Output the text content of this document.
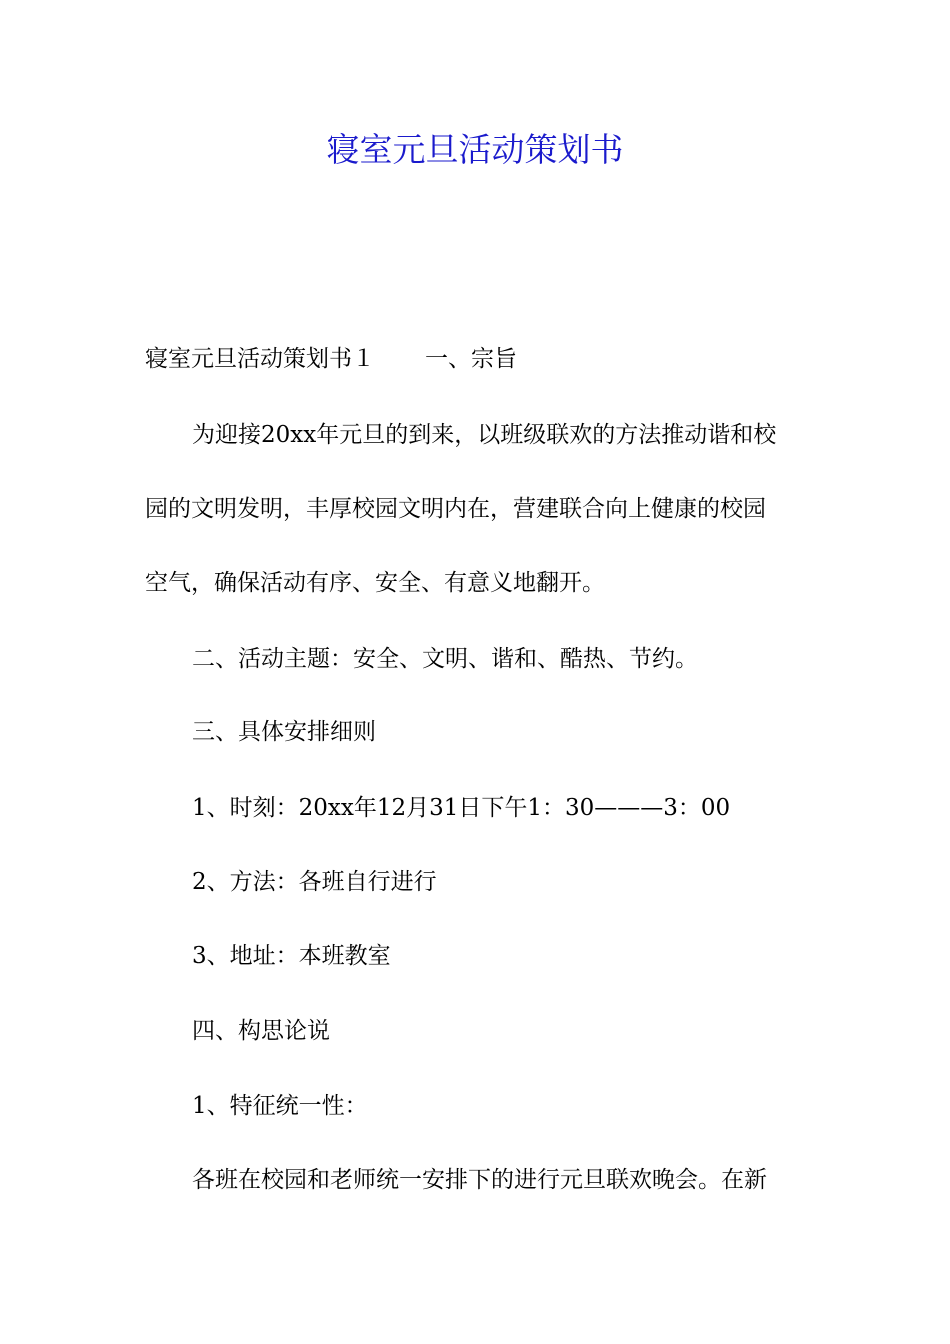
寝室元旦活动策划书

寝室元旦活动策划书１ 一、宗旨

为迎接20xx年元旦的到来，以班级联欢的方法推动谐和校

园的文明发明，丰厚校园文明内在，营建联合向上健康的校园

空气，确保活动有序、安全、有意义地翻开。

二、活动主题：安全、文明、谐和、酷热、节约。

三、具体安排细则

1、时刻：20xx年12月31日下午1：30———3：00

2、方法：各班自行进行

3、地址：本班教室

四、构思论说

1、特征统一性：

各班在校园和老师统一安排下的进行元旦联欢晚会。在新
